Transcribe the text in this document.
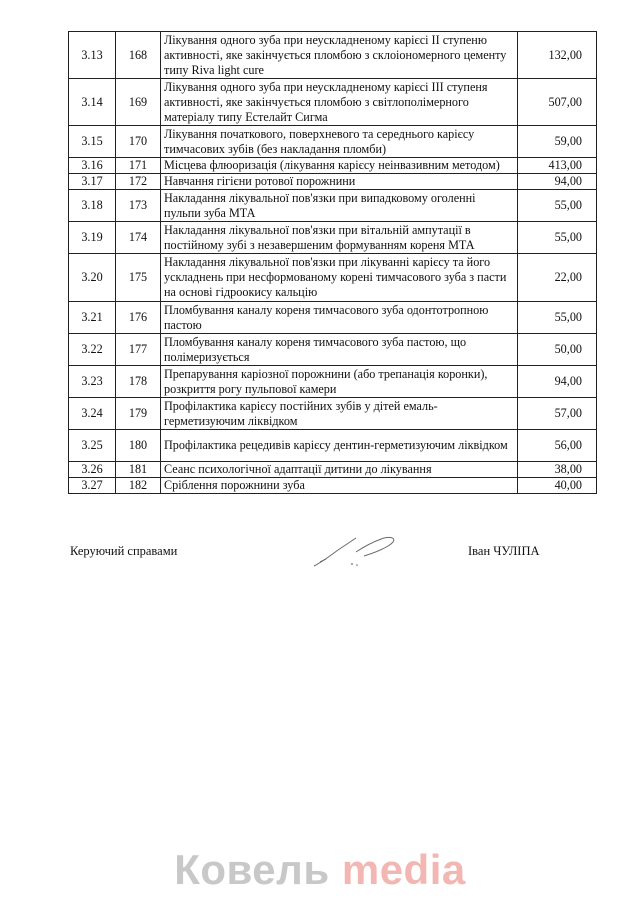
3.13	168	Лікування одного зуба при неускладненому карієсі II ступеню активності, яке закінчується пломбою з склоіономерного цементу типу Riva light cure	132,00
3.14	169	Лікування одного зуба при неускладненому карієсі III ступеня активності, яке закінчується пломбою з світлополімерного матеріалу типу Естелайт Сигма	507,00
3.15	170	Лікування початкового, поверхневого та середнього карієсу тимчасових зубів (без накладання пломби)	59,00
3.16	171	Місцева флюоризація (лікування карієсу неінвазивним методом)	413,00
3.17	172	Навчання гігієни ротової порожнини	94,00
3.18	173	Накладання лікувальної пов'язки при випадковому оголенні пульпи зуба МТА	55,00
3.19	174	Накладання лікувальної пов'язки при вітальній ампутації в постійному зубі з незавершеним формуванням кореня МТА	55,00
3.20	175	Накладання лікувальної пов'язки при лікуванні карієсу та його ускладнень при несформованому корені тимчасового зуба з пасти на основі гідроокису кальцію	22,00
3.21	176	Пломбування каналу кореня тимчасового зуба одонтотропною пастою	55,00
3.22	177	Пломбування каналу кореня тимчасового зуба пастою, що полімеризується	50,00
3.23	178	Препарування каріозної порожнини (або трепанація коронки), розкриття рогу пульпової камери	94,00
3.24	179	Профілактика карієсу постійних зубів у дітей емаль-герметизуючим ліквідком	57,00
3.25	180	Профілактика рецедивів карієсу дентин-герметизуючим ліквідком	56,00
3.26	181	Сеанс психологічної адаптації дитини до лікування	38,00
3.27	182	Сріблення порожнини зуба	40,00
Керуючий справами	Іван ЧУЛІПА
Ковель media
